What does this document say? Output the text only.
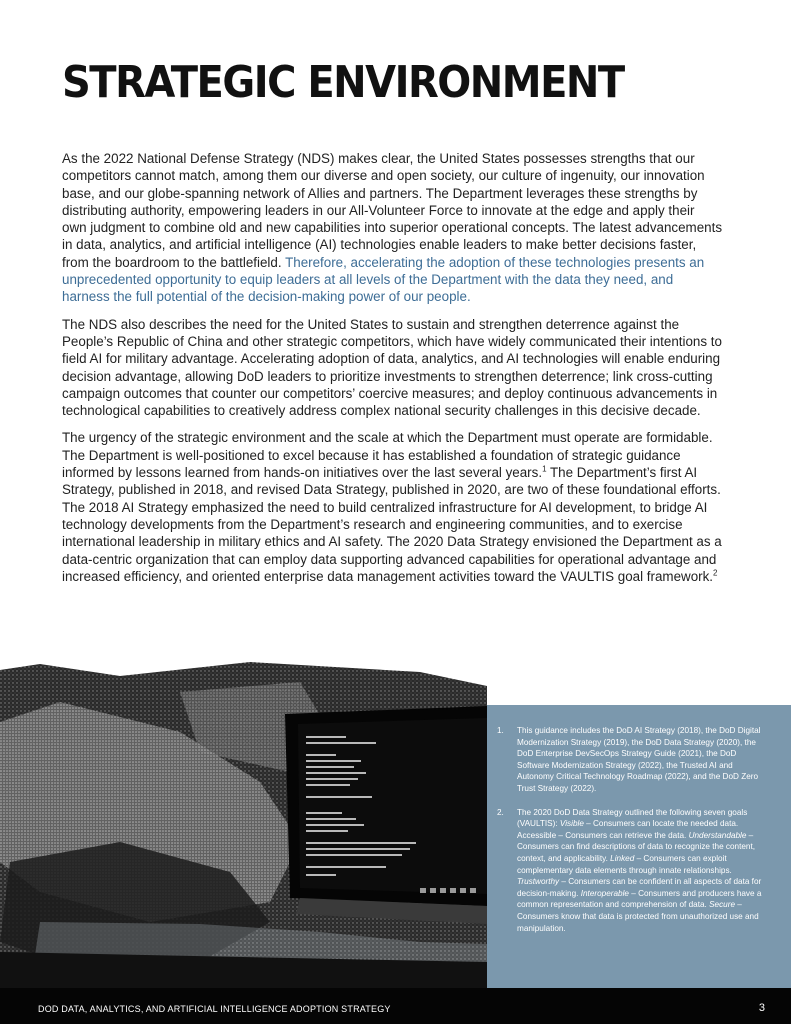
STRATEGIC ENVIRONMENT

As the 2022 National Defense Strategy (NDS) makes clear, the United States possesses strengths that our competitors cannot match, among them our diverse and open society, our culture of ingenuity, our innovation base, and our globe-spanning network of Allies and partners. The Department leverages these strengths by distributing authority, empowering leaders in our All-Volunteer Force to innovate at the edge and apply their own judgment to combine old and new capabilities into superior operational concepts. The latest advancements in data, analytics, and artificial intelligence (AI) technologies enable leaders to make better decisions faster, from the boardroom to the battlefield. Therefore, accelerating the adoption of these technologies presents an unprecedented opportunity to equip leaders at all levels of the Department with the data they need, and harness the full potential of the decision-making power of our people.

The NDS also describes the need for the United States to sustain and strengthen deterrence against the People’s Republic of China and other strategic competitors, which have widely communicated their intentions to field AI for military advantage. Accelerating adoption of data, analytics, and AI technologies will enable enduring decision advantage, allowing DoD leaders to prioritize investments to strengthen deterrence; link cross-cutting campaign outcomes that counter our competitors’ coercive measures; and deploy continuous advancements in technological capabilities to creatively address complex national security challenges in this decisive decade.

The urgency of the strategic environment and the scale at which the Department must operate are formidable. The Department is well-positioned to excel because it has established a foundation of strategic guidance informed by lessons learned from hands-on initiatives over the last several years.$^1$ The Department’s first AI Strategy, published in 2018, and revised Data Strategy, published in 2020, are two of these foundational efforts. The 2018 AI Strategy emphasized the need to build centralized infrastructure for AI development, to bridge AI technology developments from the Department’s research and engineering communities, and to exercise international leadership in military ethics and AI safety. The 2020 Data Strategy envisioned the Department as a data-centric organization that can employ data supporting advanced capabilities for operational advantage and increased efficiency, and oriented enterprise data management activities toward the VAULTIS goal framework.$^2$

1.	This guidance includes the DoD AI Strategy (2018), the DoD Digital Modernization Strategy (2019), the DoD Data Strategy (2020), the DoD Enterprise DevSecOps Strategy Guide (2021), the DoD Software Modernization Strategy (2022), the Trusted AI and Autonomy Critical Technology Roadmap (2022), and the DoD Zero Trust Strategy (2022).
2.	The 2020 DoD Data Strategy outlined the following seven goals (VAULTIS): Visible – Consumers can locate the needed data. Accessible – Consumers can retrieve the data. Understandable – Consumers can find descriptions of data to recognize the content, context, and applicability. Linked – Consumers can exploit complementary data elements through innate relationships. Trustworthy – Consumers can be confident in all aspects of data for decision-making. Interoperable – Consumers and producers have a common representation and comprehension of data. Secure – Consumers know that data is protected from unauthorized use and manipulation.
DOD DATA, ANALYTICS, AND ARTIFICIAL INTELLIGENCE ADOPTION STRATEGY	3
